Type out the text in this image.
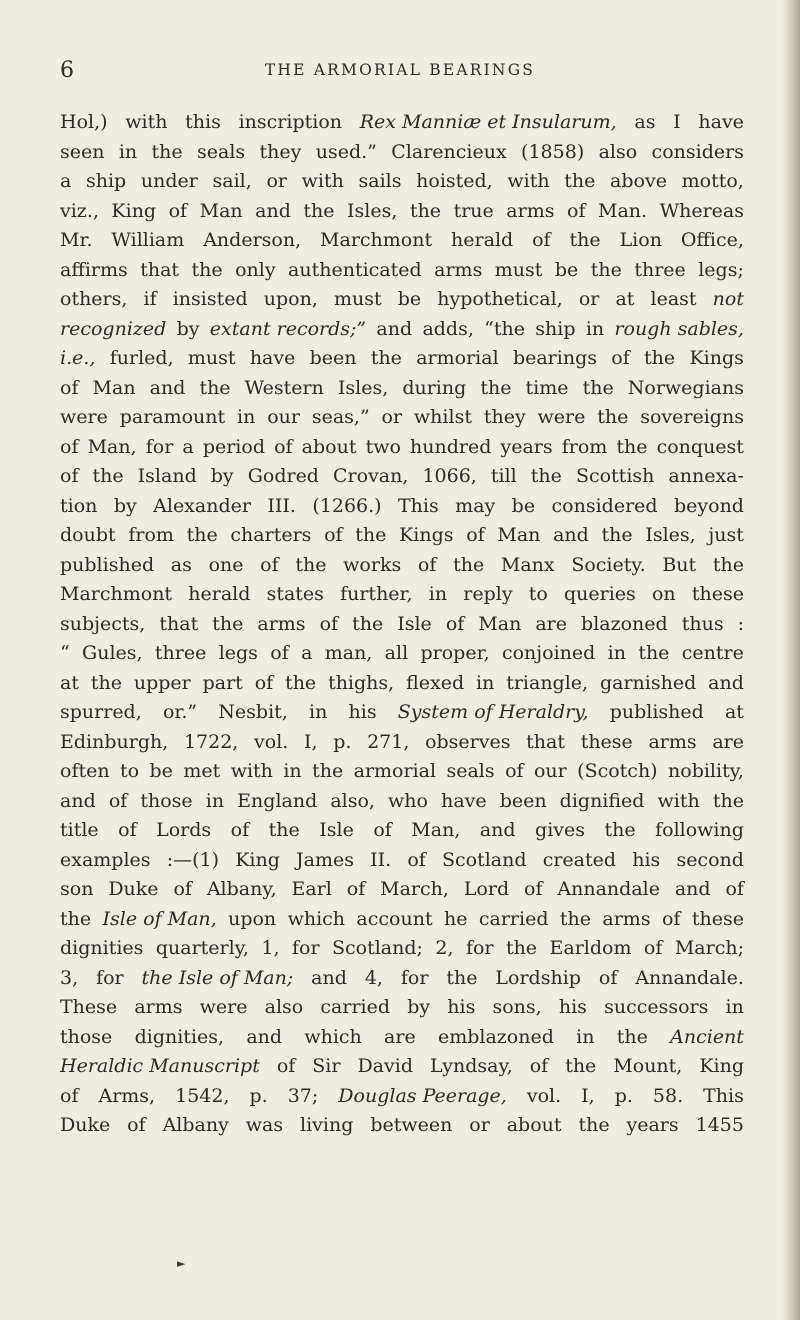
6	THE ARMORIAL BEARINGS
Hol,) with this inscription Rex Manniæ et Insularum, as I have
seen in the seals they used.” Clarencieux (1858) also considers
a ship under sail, or with sails hoisted, with the above motto,
viz., King of Man and the Isles, the true arms of Man. Whereas
Mr. William Anderson, Marchmont herald of the Lion Office,
affirms that the only authenticated arms must be the three legs;
others, if insisted upon, must be hypothetical, or at least not
recognized by extant records;” and adds, “the ship in rough sables,
i.e., furled, must have been the armorial bearings of the Kings
of Man and the Western Isles, during the time the Norwegians
were paramount in our seas,” or whilst they were the sovereigns
of Man, for a period of about two hundred years from the conquest
of the Island by Godred Crovan, 1066, till the Scottish annexa-
tion by Alexander III. (1266.) This may be considered beyond
doubt from the charters of the Kings of Man and the Isles, just
published as one of the works of the Manx Society. But the
Marchmont herald states further, in reply to queries on these
subjects, that the arms of the Isle of Man are blazoned thus :
“ Gules, three legs of a man, all proper, conjoined in the centre
at the upper part of the thighs, flexed in triangle, garnished and
spurred, or.” Nesbit, in his System of Heraldry, published at
Edinburgh, 1722, vol. I, p. 271, observes that these arms are
often to be met with in the armorial seals of our (Scotch) nobility,
and of those in England also, who have been dignified with the
title of Lords of the Isle of Man, and gives the following
examples :—(1) King James II. of Scotland created his second
son Duke of Albany, Earl of March, Lord of Annandale and of
the Isle of Man, upon which account he carried the arms of these
dignities quarterly, 1, for Scotland; 2, for the Earldom of March;
3, for the Isle of Man; and 4, for the Lordship of Annandale.
These arms were also carried by his sons, his successors in
those dignities, and which are emblazoned in the Ancient
Heraldic Manuscript of Sir David Lyndsay, of the Mount, King
of Arms, 1542, p. 37; Douglas Peerage, vol. I, p. 58. This
Duke of Albany was living between or about the years 1455
►
